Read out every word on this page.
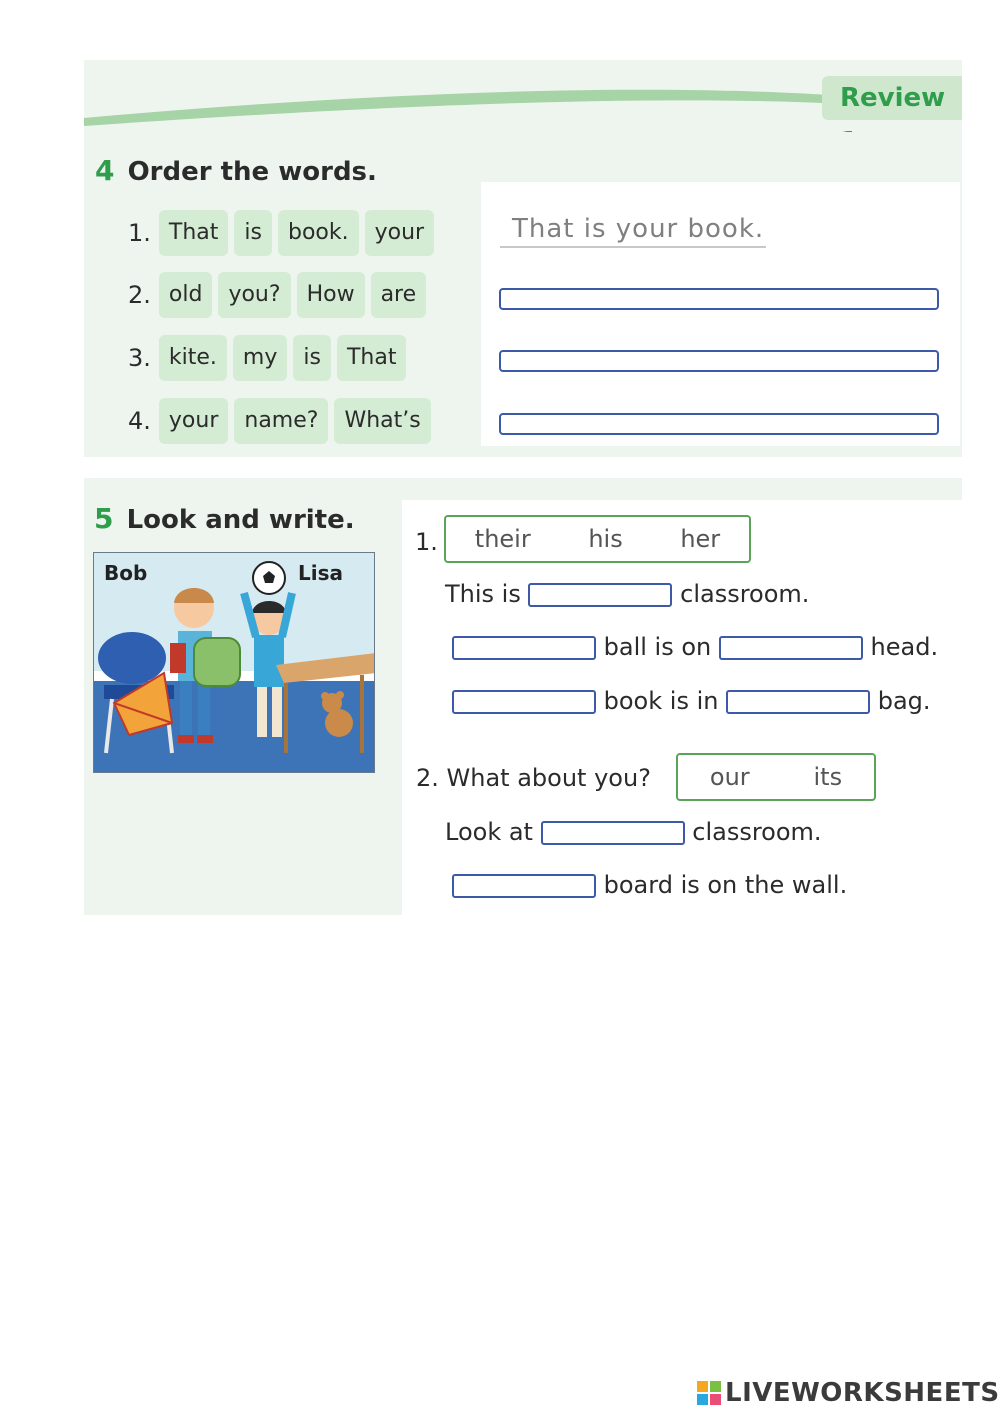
Review
4 Order the words.
1. That	is	book.	your
2. old	you?	How	are
3. kite.	my	is	That
4. your	name?	What’s
That is your book.
5 Look and write.
Bob	Lisa
1. their his her
This is	classroom.
ball is on	head.
book is in	bag.
2. What about you? our	its
Look at	classroom.
board is on the wall.
LIVEWORKSHEETS
